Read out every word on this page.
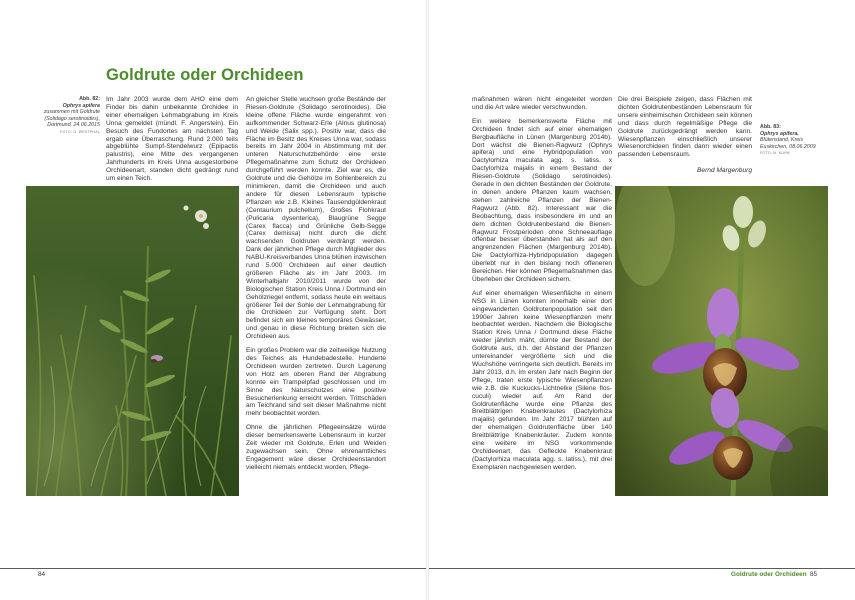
Goldrute oder Orchideen
Abb. 82:
Ophrys apifera zusammen mit Goldrute (Solidago serotinoides), Dortmund, 24.06.2015
FOTO: G. WESTPHAL

Im Jahr 2003 wurde dem AHO eine dem Finder bis dahin unbekannte Orchidee in einer ehemaligen Lehmabgrabung im Kreis Unna gemeldet (mündl. F. Angerstein). Ein Besuch des Fundortes am nächsten Tag ergab eine Überraschung. Rund 2.000 teils abgeblühte Sumpf-Stendelwurz (Epipactis palustris), eine Mitte des vergangenen Jahrhunderts im Kreis Unna ausgestorbene Orchideenart, standen dicht gedrängt rund um einen Teich.

An gleicher Stelle wuchsen große Bestände der Riesen-Goldrute (Solidago serotinoides). Die kleine offene Fläche wurde eingerahmt von aufkommender Schwarz-Erle (Alnus glutinosa) und Weide (Salix spp.). Positiv war, dass die Fläche im Besitz des Kreises Unna war, sodass bereits im Jahr 2004 in Abstimmung mit der unteren Naturschutzbehörde eine erste Pflegemaßnahme zum Schutz der Orchideen durchgeführt werden konnte. Ziel war es, die Goldrute und die Gehölze im Sohlenbereich zu minimieren, damit die Orchideen und auch andere für diesen Lebensraum typische Pflanzen wie z.B. Kleines Tausendgüldenkraut (Centaurium pulchellum), Großes Flohkraut (Pulicaria dysenterica), Blaugrüne Segge (Carex flacca) und Grünliche Gelb-Segge (Carex demissa) nicht durch die dicht wachsenden Goldruten verdrängt werden. Dank der jährlichen Pflege durch Mitglieder des NABU-Kreisverbandes Unna blühen inzwischen rund 5.000 Orchideen auf einer deutlich größeren Fläche als im Jahr 2003. Im Winterhalbjahr 2010/2011 wurde von der Biologischen Station Kreis Unna / Dortmund ein Gehölzriegel entfernt, sodass heute ein weitaus größerer Teil der Sohle der Lehmabgrabung für die Orchideen zur Verfügung steht. Dort befindet sich ein kleines temporäres Gewässer, und genau in diese Richtung breiten sich die Orchideen aus.

Ein großes Problem war die zeitweilige Nutzung des Teiches als Hundebadestelle. Hunderte Orchideen wurden zertreten. Durch Lagerung von Holz am oberen Rand der Abgrabung konnte ein Trampelpfad geschlossen und im Sinne des Naturschutzes eine positive Besucherlenkung erreicht werden. Trittschäden am Teichrand sind seit dieser Maßnahme nicht mehr beobachtet worden.

Ohne die jährlichen Pflegeeinsätze würde dieser bemerkenswerte Lebensraum in kurzer Zeit wieder mit Goldrute, Erlen und Weiden zugewachsen sein. Ohne ehrenamtliches Engagement wäre dieser Orchideenstandort vielleicht niemals entdeckt worden, Pflege-

maßnahmen wären nicht eingeleitet worden und die Art wäre wieder verschwunden.

Ein weitere bemerkenswerte Fläche mit Orchideen findet sich auf einer ehemaligen Bergbaufläche in Lünen (Margenburg 2014b). Dort wächst die Bienen-Ragwurz (Ophrys apifera) und eine Hybridpopulation von Dactylorhiza maculata agg. s. latiss. x Dactylorhiza majalis in einem Bestand der Riesen-Goldrute (Solidago serotinoides). Gerade in den dichten Beständen der Goldrute, in denen andere Pflanzen kaum wachsen, stehen zahlreiche Pflanzen der Bienen-Ragwurz (Abb. 82). Interessant war die Beobachtung, dass insbesondere im und an dem dichten Goldrutenbestand die Bienen-Ragwurz Frostperioden ohne Schneeauflage offenbar besser überstanden hat als auf den angrenzenden Flächen (Margenburg 2014b). Die Dactylorhiza-Hybridpopulation dagegen überlebt nur in den bislang noch offeneren Bereichen. Hier können Pflegemaßnahmen das Überleben der Orchideen sichern.

Auf einer ehemaligen Wiesenfläche in einem NSG in Lünen konnten innerhalb einer dort eingewanderten Goldrutenpopulation seit den 1990er Jahren keine Wiesenpflanzen mehr beobachtet werden. Nachdem die Biologische Station Kreis Unna / Dortmund diese Fläche wieder jährlich mäht, dürnte der Bestand der Goldrute aus, d.h. der Abstand der Pflanzen untereinander vergrößerte sich und die Wuchshöhe verringerte sich deutlich. Bereits im Jahr 2013, d.h. im ersten Jahr nach Beginn der Pflege, traten erste typische Wiesenpflanzen wie z.B. die Kuckucks-Lichtnelke (Silene flos-cuculi) wieder auf. Am Rand der Goldrutenfläche wurde eine Pflanze des Breitblättrigen Knabenkrautes (Dactylorhiza majalis) gefunden. Im Jahr 2017 blühten auf der ehemaligen Goldrutenfläche über 140 Breitblättrige Knabenkräuter. Zudem konnte eine weitere im NSG vorkommende Orchideenart, das Gefleckte Knabenkraut (Dactylorhiza maculata agg. s. latiss.), mit drei Exemplaren nachgewiesen werden.

Die drei Beispiele zeigen, dass Flächen mit dichten Goldrutenbeständen Lebensraum für unsere einheimischen Orchideen sein können und dass durch regelmäßige Pflege die Goldrute zurückgedrängt werden kann. Wiesenpflanzen einschließlich unserer Wiesenorchideen finden dann wieder einen passenden Lebensraum.

Bernd Margenburg

Abb. 83:
Ophrys apifera,
Blütenstand, Kreis Euskirchen, 08.06.2009
FOTO: M. KÜHN
84	Goldrute oder Orchideen 85
